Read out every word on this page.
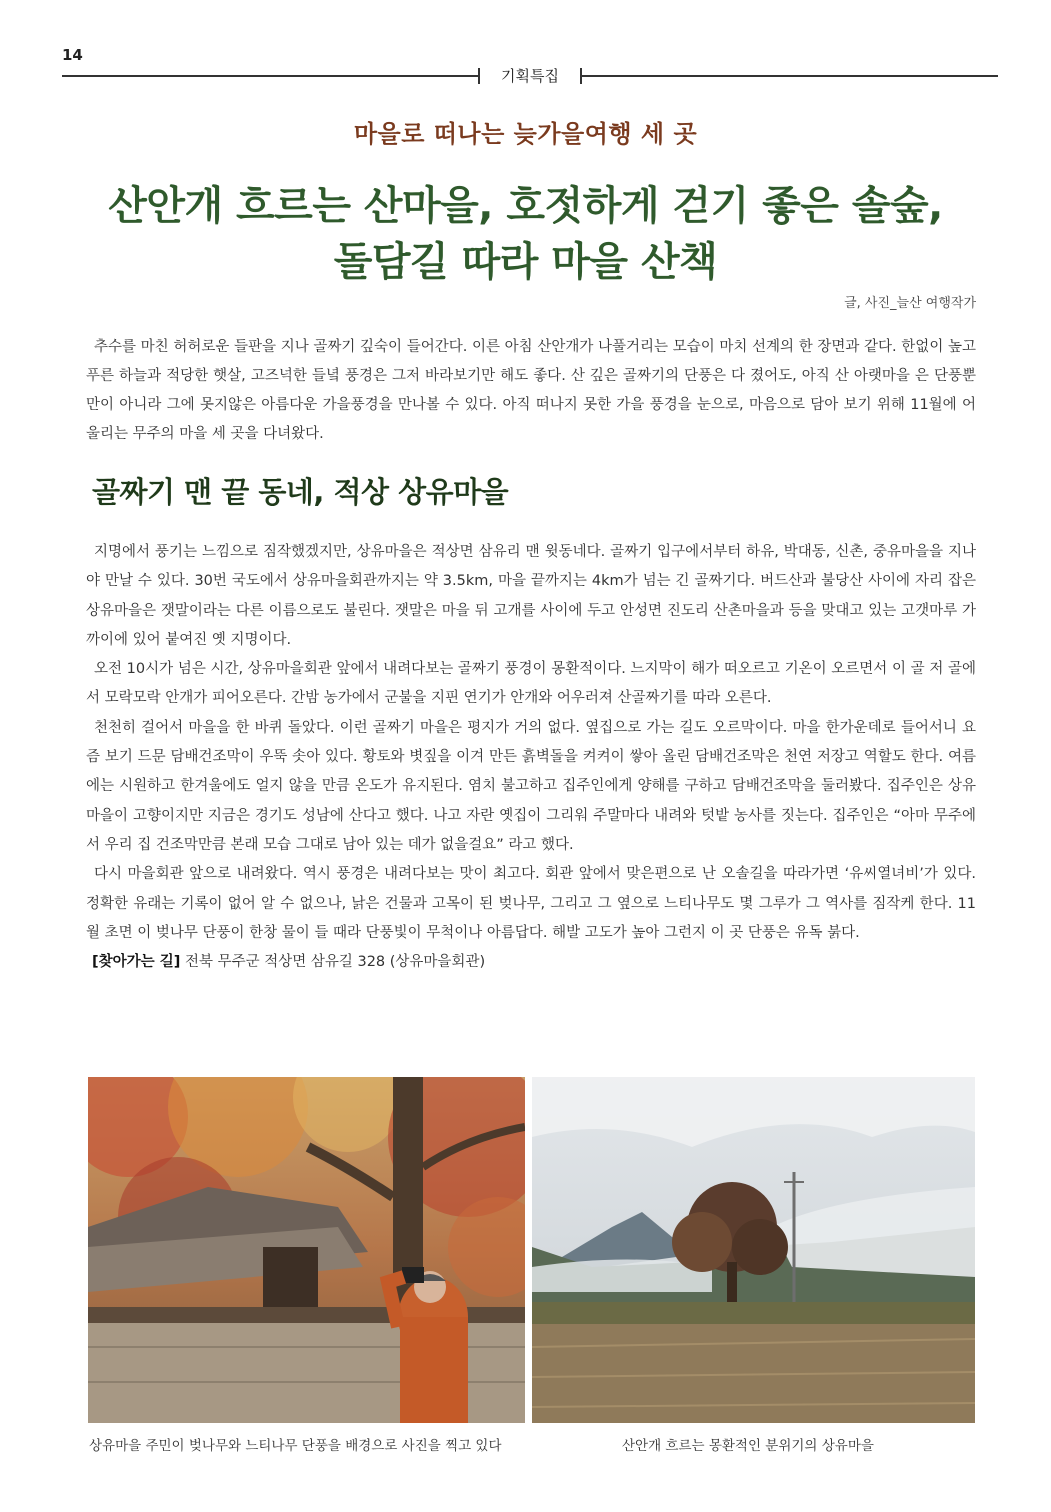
14
기획특집
마을로 떠나는 늦가을여행 세 곳
산안개 흐르는 산마을, 호젓하게 걷기 좋은 솔숲,
돌담길 따라 마을 산책
글, 사진_늘산 여행작가

추수를 마친 허허로운 들판을 지나 골짜기 깊숙이 들어간다. 이른 아침 산안개가 나풀거리는 모습이 마치 선계의 한 장면과 같다. 한없이 높고 푸른 하늘과 적당한 햇살, 고즈넉한 들녘 풍경은 그저 바라보기만 해도 좋다. 산 깊은 골짜기의 단풍은 다 졌어도, 아직 산 아랫마을 은 단풍뿐만이 아니라 그에 못지않은 아름다운 가을풍경을 만나볼 수 있다. 아직 떠나지 못한 가을 풍경을 눈으로, 마음으로 담아 보기 위해 11월에 어울리는 무주의 마을 세 곳을 다녀왔다.

골짜기 맨 끝 동네, 적상 상유마을

지명에서 풍기는 느낌으로 짐작했겠지만, 상유마을은 적상면 삼유리 맨 윗동네다. 골짜기 입구에서부터 하유, 박대동, 신촌, 중유마을을 지나야 만날 수 있다. 30번 국도에서 상유마을회관까지는 약 3.5km, 마을 끝까지는 4km가 넘는 긴 골짜기다. 버드산과 불당산 사이에 자리 잡은 상유마을은 잿말이라는 다른 이름으로도 불린다. 잿말은 마을 뒤 고개를 사이에 두고 안성면 진도리 산촌마을과 등을 맞대고 있는 고갯마루 가까이에 있어 붙여진 옛 지명이다.

오전 10시가 넘은 시간, 상유마을회관 앞에서 내려다보는 골짜기 풍경이 몽환적이다. 느지막이 해가 떠오르고 기온이 오르면서 이 골 저 골에서 모락모락 안개가 피어오른다. 간밤 농가에서 군불을 지핀 연기가 안개와 어우러져 산골짜기를 따라 오른다.

천천히 걸어서 마을을 한 바퀴 돌았다. 이런 골짜기 마을은 평지가 거의 없다. 옆집으로 가는 길도 오르막이다. 마을 한가운데로 들어서니 요즘 보기 드문 담배건조막이 우뚝 솟아 있다. 황토와 볏짚을 이겨 만든 흙벽돌을 켜켜이 쌓아 올린 담배건조막은 천연 저장고 역할도 한다. 여름에는 시원하고 한겨울에도 얼지 않을 만큼 온도가 유지된다. 염치 불고하고 집주인에게 양해를 구하고 담배건조막을 둘러봤다. 집주인은 상유마을이 고향이지만 지금은 경기도 성남에 산다고 했다. 나고 자란 옛집이 그리워 주말마다 내려와 텃밭 농사를 짓는다. 집주인은 “아마 무주에서 우리 집 건조막만큼 본래 모습 그대로 남아 있는 데가 없을걸요” 라고 했다.

다시 마을회관 앞으로 내려왔다. 역시 풍경은 내려다보는 맛이 최고다. 회관 앞에서 맞은편으로 난 오솔길을 따라가면 ‘유씨열녀비’가 있다. 정확한 유래는 기록이 없어 알 수 없으나, 낡은 건물과 고목이 된 벚나무, 그리고 그 옆으로 느티나무도 몇 그루가 그 역사를 짐작케 한다. 11월 초면 이 벚나무 단풍이 한창 물이 들 때라 단풍빛이 무척이나 아름답다. 해발 고도가 높아 그런지 이 곳 단풍은 유독 붉다.

[찾아가는 길] 전북 무주군 적상면 삼유길 328 (상유마을회관)

상유마을 주민이 벚나무와 느티나무 단풍을 배경으로 사진을 찍고 있다	산안개 흐르는 몽환적인 분위기의 상유마을
